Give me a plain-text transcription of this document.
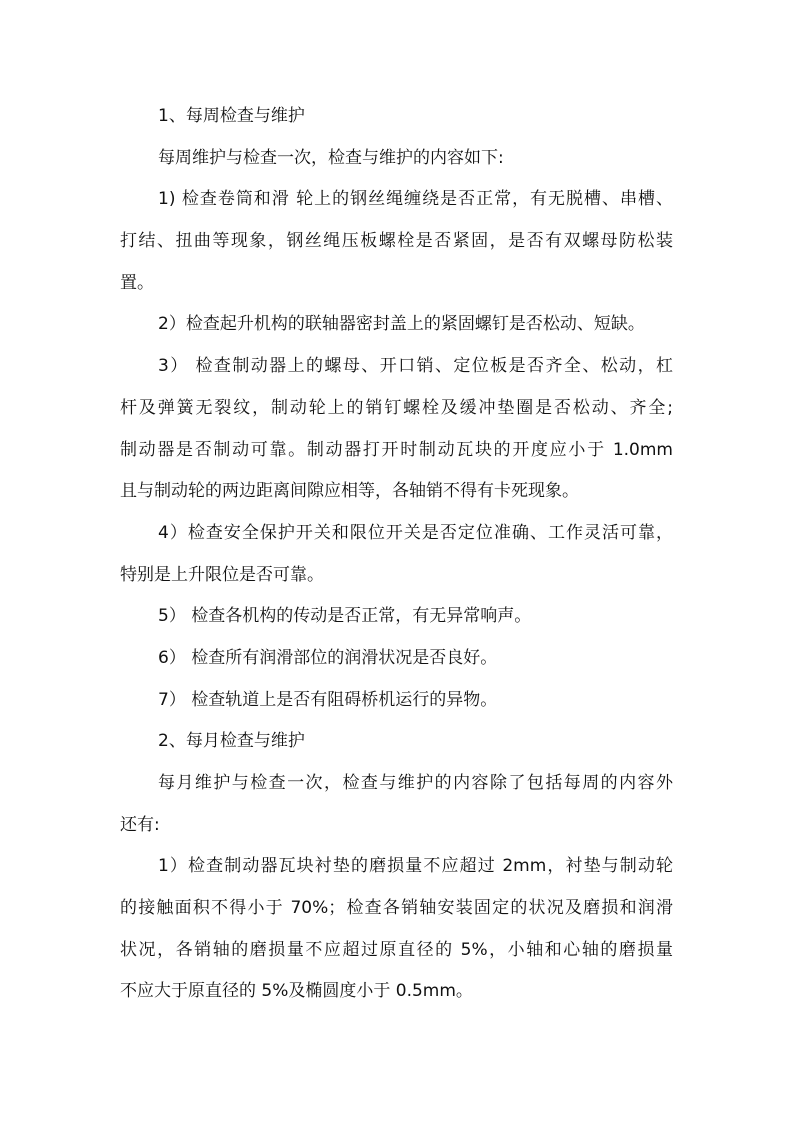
1、每周检查与维护
每周维护与检查一次，检查与维护的内容如下:
1) 检查卷筒和滑 轮上的钢丝绳缠绕是否正常，有无脱槽、串槽、
打结、扭曲等现象，钢丝绳压板螺栓是否紧固，是否有双螺母防松装
置。
2）检查起升机构的联轴器密封盖上的紧固螺钉是否松动、短缺。
3） 检查制动器上的螺母、开口销、定位板是否齐全、松动，杠
杆及弹簧无裂纹，制动轮上的销钉螺栓及缓冲垫圈是否松动、齐全;
制动器是否制动可靠。制动器打开时制动瓦块的开度应小于 1.0mm
且与制动轮的两边距离间隙应相等，各轴销不得有卡死现象。
4）检查安全保护开关和限位开关是否定位准确、工作灵活可靠，
特别是上升限位是否可靠。
5） 检查各机构的传动是否正常，有无异常响声。
6） 检查所有润滑部位的润滑状况是否良好。
7） 检查轨道上是否有阻碍桥机运行的异物。
2、每月检查与维护
每月维护与检查一次，检查与维护的内容除了包括每周的内容外
还有:
1）检查制动器瓦块衬垫的磨损量不应超过 2mm，衬垫与制动轮
的接触面积不得小于 70%；检查各销轴安装固定的状况及磨损和润滑
状况，各销轴的磨损量不应超过原直径的 5%，小轴和心轴的磨损量
不应大于原直径的 5%及椭圆度小于 0.5mm。
